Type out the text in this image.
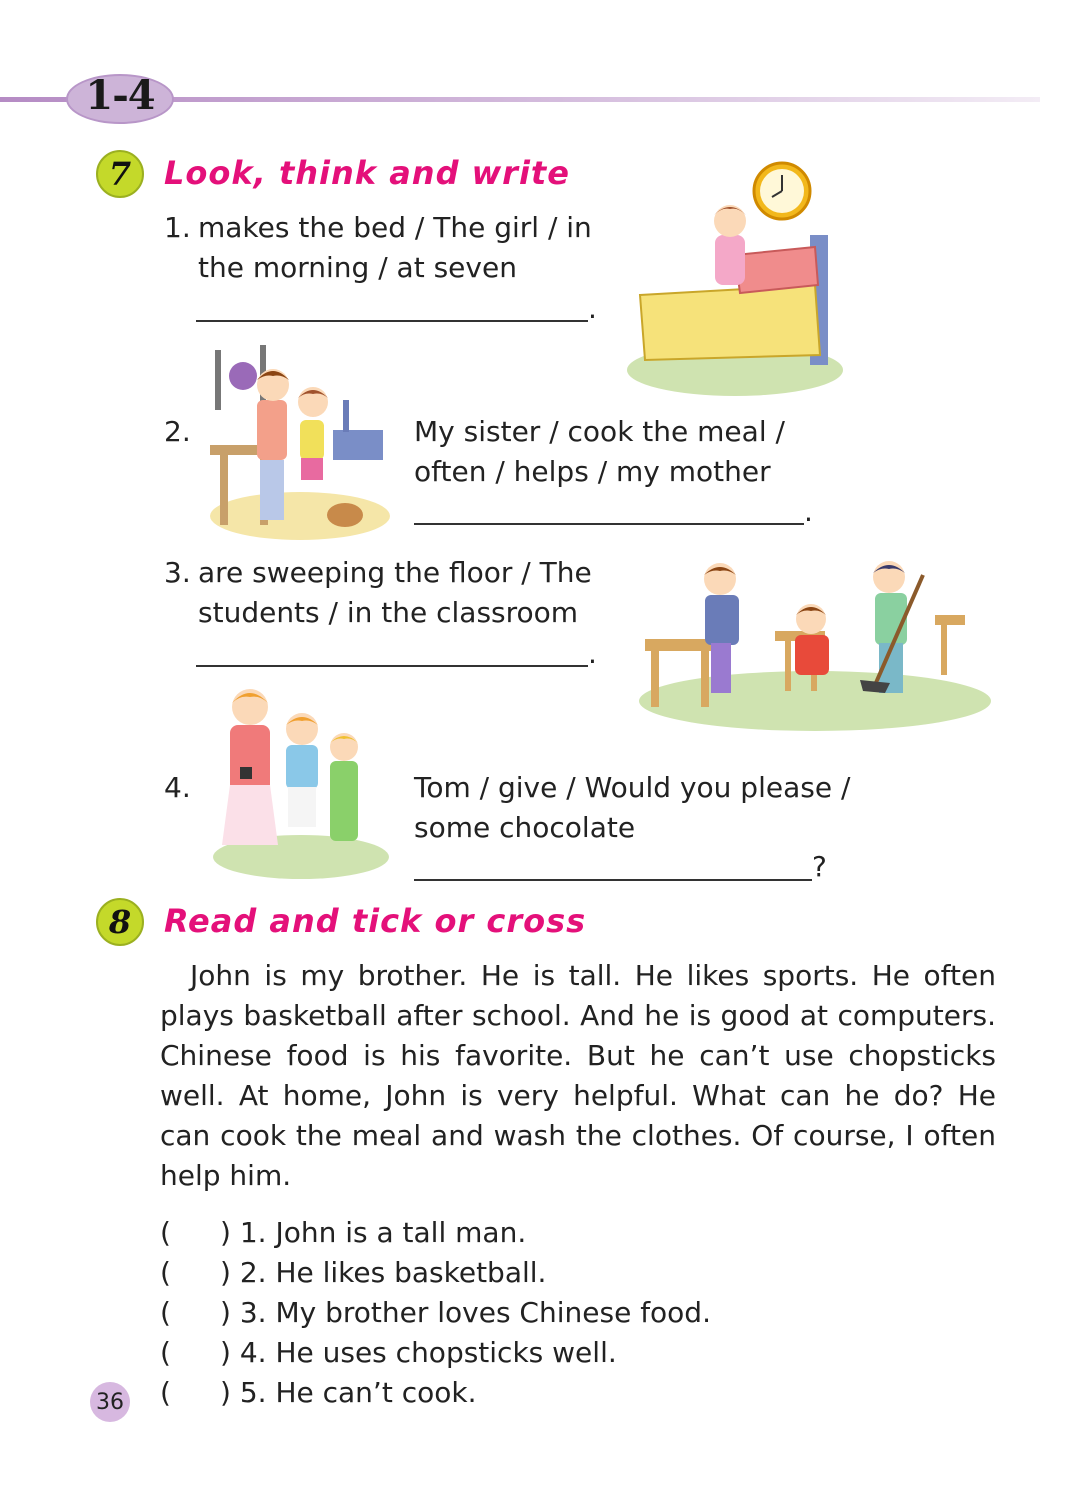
1-4
7	Look, think and write
1. makes the bed / The girl / in
the morning / at seven
.
2.	My sister / cook the meal /
often / helps / my mother
.
3. are sweeping the floor / The
students / in the classroom
.
4.	Tom / give / Would you please /
some chocolate
?
8	Read and tick or cross
John is my brother. He is tall. He likes sports. He often plays basketball after school. And he is good at computers. Chinese food is his favorite. But he can’t use chopsticks well. At home, John is very helpful. What can he do? He can cook the meal and wash the clothes. Of course, I often help him.
( ) 1. John is a tall man.
( ) 2. He likes basketball.
( ) 3. My brother loves Chinese food.
( ) 4. He uses chopsticks well.
( ) 5. He can’t cook.
36
